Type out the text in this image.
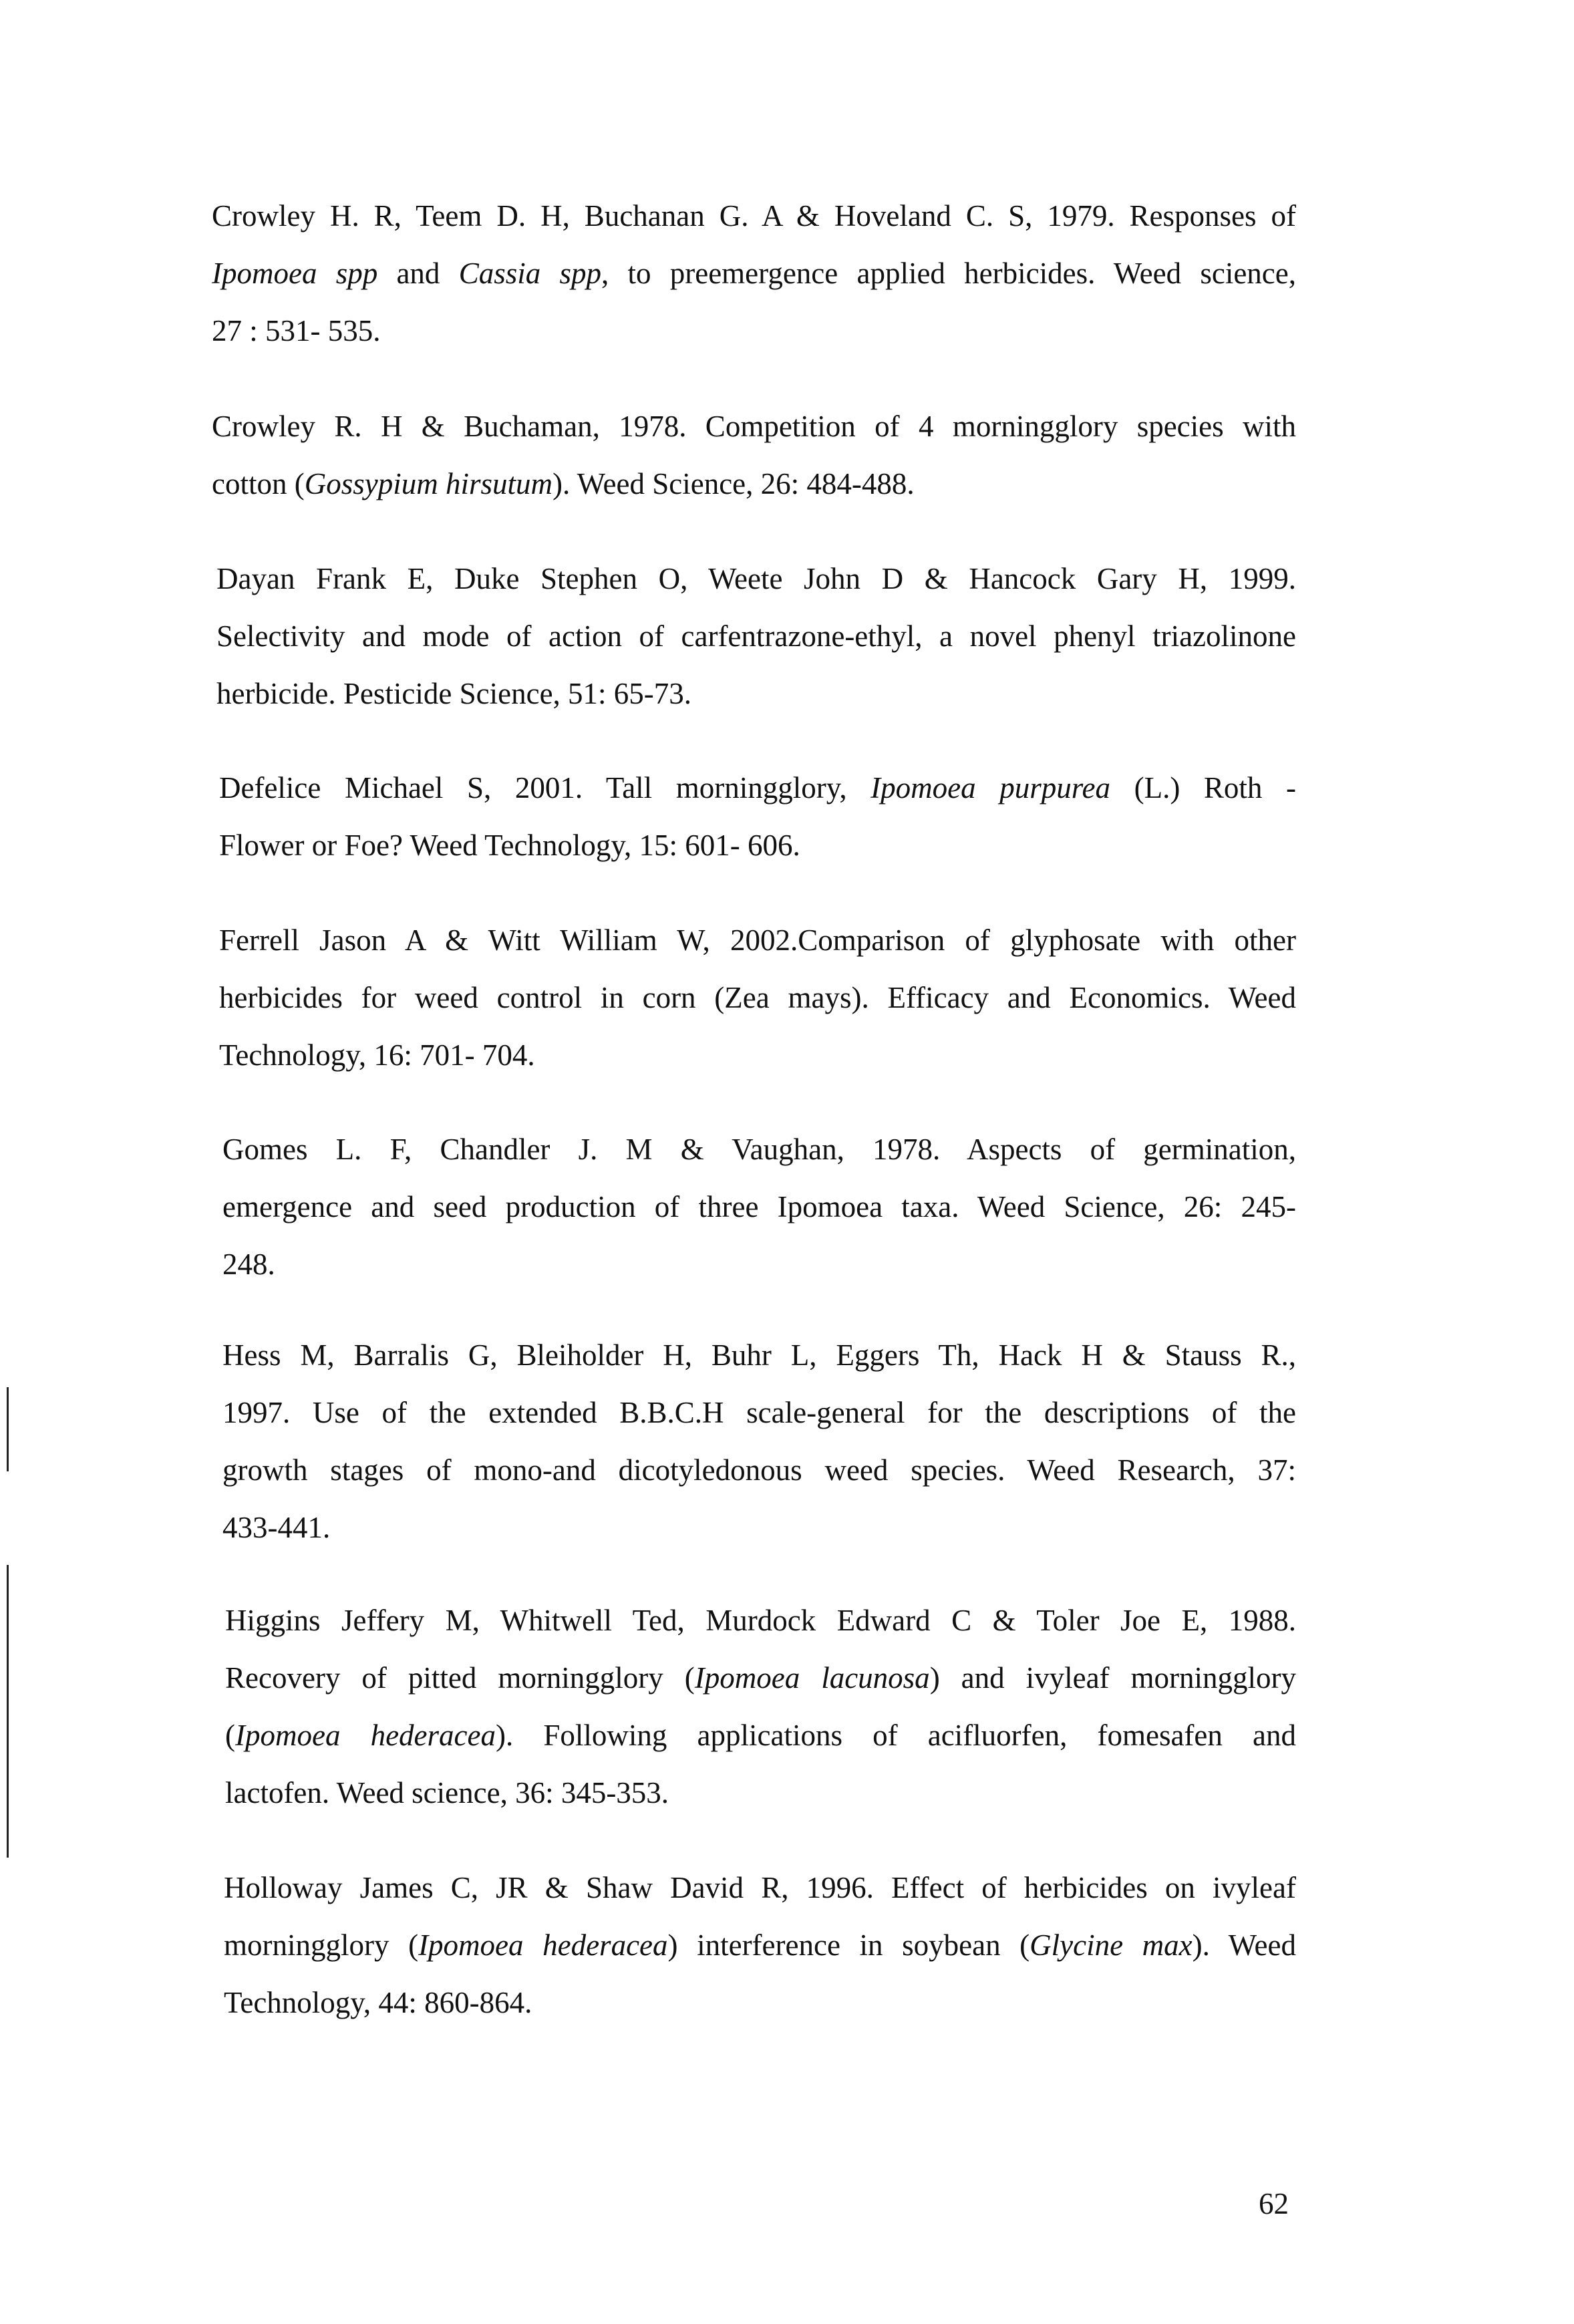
Crowley H. R, Teem D. H, Buchanan G. A & Hoveland C. S, 1979. Responses of
Ipomoea spp and Cassia spp, to preemergence applied herbicides. Weed science,
27 : 531- 535.
Crowley R. H & Buchaman, 1978. Competition of 4 morningglory species with
cotton (Gossypium hirsutum). Weed Science, 26: 484-488.
Dayan Frank E, Duke Stephen O, Weete John D & Hancock Gary H, 1999.
Selectivity and mode of action of carfentrazone-ethyl, a novel phenyl triazolinone
herbicide. Pesticide Science, 51: 65-73.
Defelice Michael S, 2001. Tall morningglory, Ipomoea purpurea (L.) Roth -
Flower or Foe? Weed Technology, 15: 601- 606.
Ferrell Jason A & Witt William W, 2002.Comparison of glyphosate with other
herbicides for weed control in corn (Zea mays). Efficacy and Economics. Weed
Technology, 16: 701- 704.
Gomes L. F, Chandler J. M & Vaughan, 1978. Aspects of germination,
emergence and seed production of three Ipomoea taxa. Weed Science, 26: 245-
248.
Hess M, Barralis G, Bleiholder H, Buhr L, Eggers Th, Hack H & Stauss R.,
1997. Use of the extended B.B.C.H scale-general for the descriptions of the
growth stages of mono-and dicotyledonous weed species. Weed Research, 37:
433-441.
Higgins Jeffery M, Whitwell Ted, Murdock Edward C & Toler Joe E, 1988.
Recovery of pitted morningglory (Ipomoea lacunosa) and ivyleaf morningglory
(Ipomoea hederacea). Following applications of acifluorfen, fomesafen and
lactofen. Weed science, 36: 345-353.
Holloway James C, JR & Shaw David R, 1996. Effect of herbicides on ivyleaf
morningglory (Ipomoea hederacea) interference in soybean (Glycine max). Weed
Technology, 44: 860-864.
62
